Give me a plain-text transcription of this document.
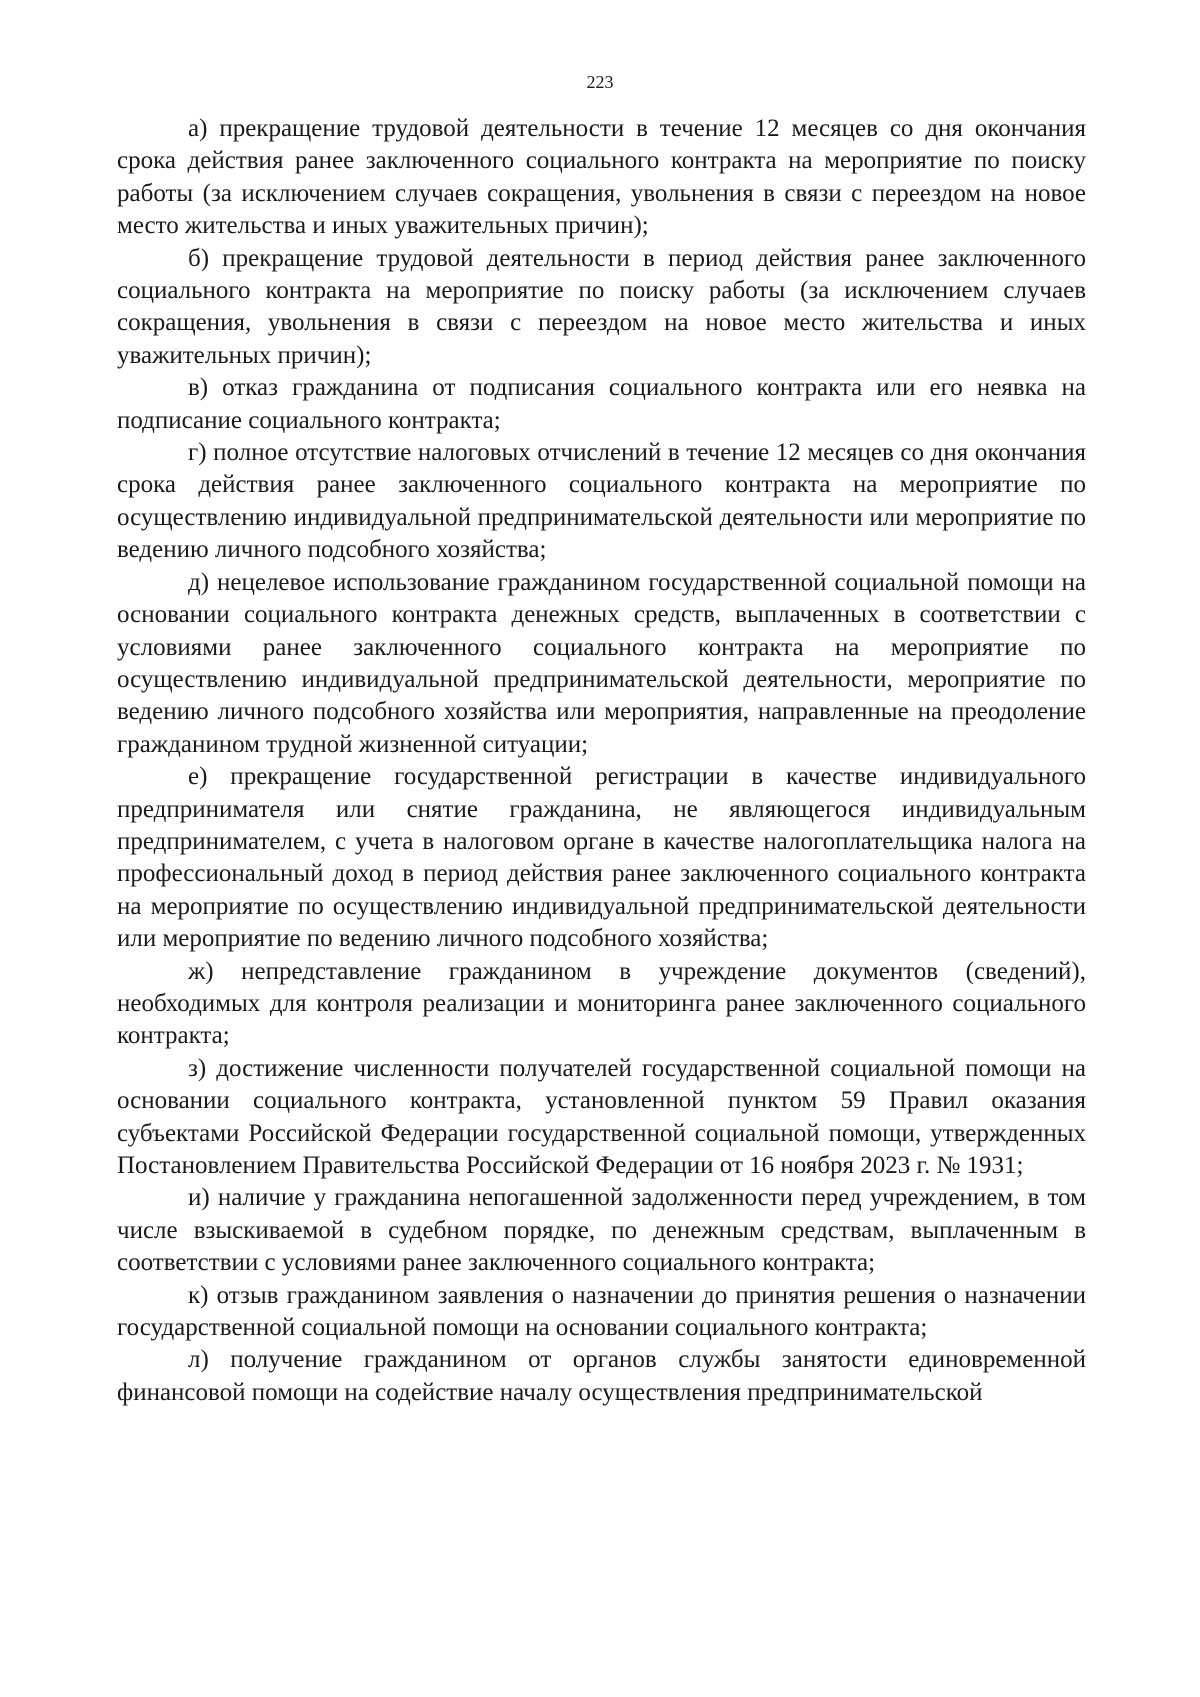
223

а) прекращение трудовой деятельности в течение 12 месяцев со дня окончания срока действия ранее заключенного социального контракта на мероприятие по поиску работы (за исключением случаев сокращения, увольнения в связи с переездом на новое место жительства и иных уважительных причин);

б) прекращение трудовой деятельности в период действия ранее заключенного социального контракта на мероприятие по поиску работы (за исключением случаев сокращения, увольнения в связи с переездом на новое место жительства и иных уважительных причин);

в) отказ гражданина от подписания социального контракта или его неявка на подписание социального контракта;

г) полное отсутствие налоговых отчислений в течение 12 месяцев со дня окончания срока действия ранее заключенного социального контракта на мероприятие по осуществлению индивидуальной предпринимательской деятельности или мероприятие по ведению личного подсобного хозяйства;

д) нецелевое использование гражданином государственной социальной помощи на основании социального контракта денежных средств, выплаченных в соответствии с условиями ранее заключенного социального контракта на мероприятие по осуществлению индивидуальной предпринимательской деятельности, мероприятие по ведению личного подсобного хозяйства или мероприятия, направленные на преодоление гражданином трудной жизненной ситуации;

е) прекращение государственной регистрации в качестве индивидуального предпринимателя или снятие гражданина, не являющегося индивидуальным предпринимателем, с учета в налоговом органе в качестве налогоплательщика налога на профессиональный доход в период действия ранее заключенного социального контракта на мероприятие по осуществлению индивидуальной предпринимательской деятельности или мероприятие по ведению личного подсобного хозяйства;

ж) непредставление гражданином в учреждение документов (сведений), необходимых для контроля реализации и мониторинга ранее заключенного социального контракта;

з) достижение численности получателей государственной социальной помощи на основании социального контракта, установленной пунктом 59 Правил оказания субъектами Российской Федерации государственной социальной помощи, утвержденных Постановлением Правительства Российской Федерации от 16 ноября 2023 г. № 1931;

и) наличие у гражданина непогашенной задолженности перед учреждением, в том числе взыскиваемой в судебном порядке, по денежным средствам, выплаченным в соответствии с условиями ранее заключенного социального контракта;

к) отзыв гражданином заявления о назначении до принятия решения о назначении государственной социальной помощи на основании социального контракта;

л) получение гражданином от органов службы занятости единовременной финансовой помощи на содействие началу осуществления предпринимательской
